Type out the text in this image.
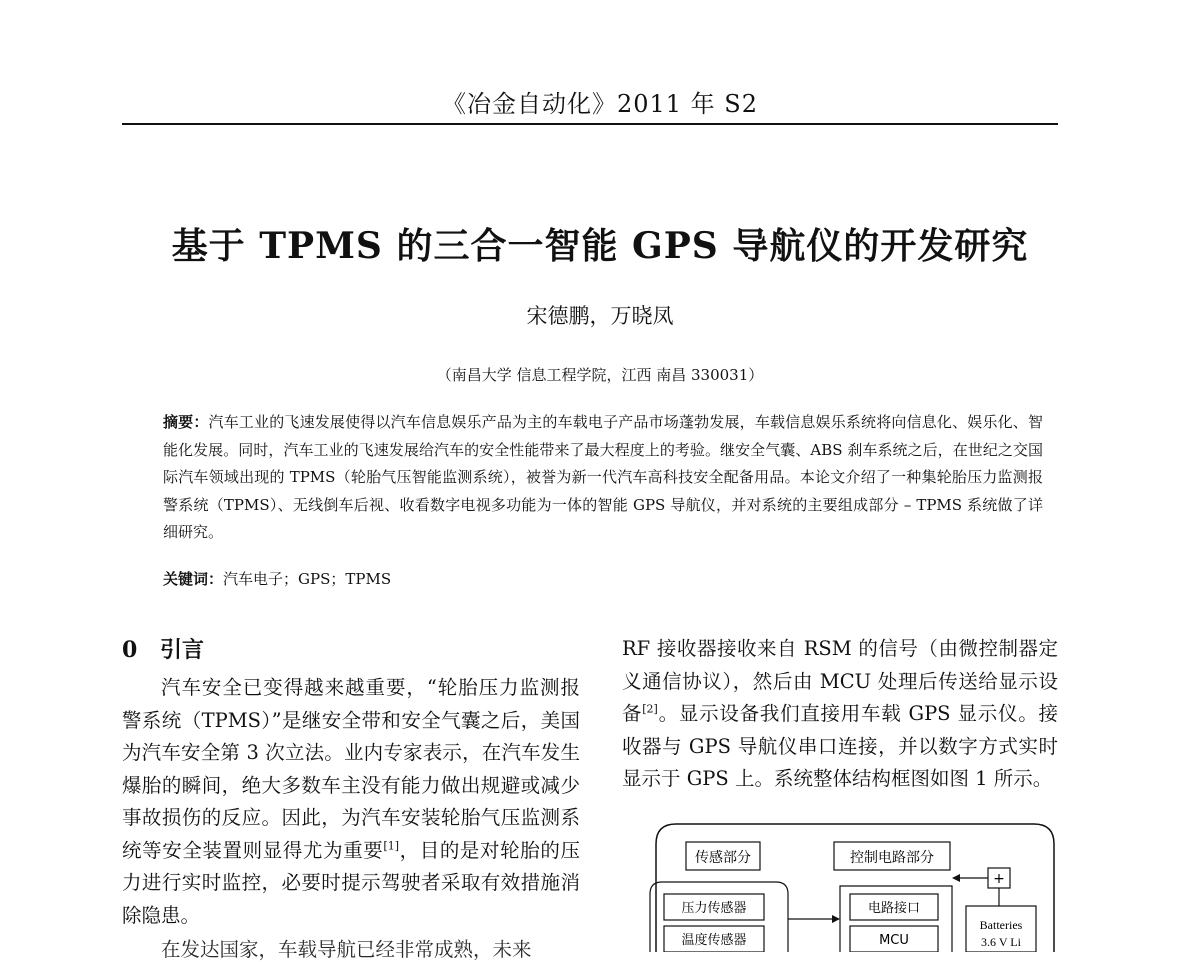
《冶金自动化》2011 年 S2
基于 TPMS 的三合一智能 GPS 导航仪的开发研究
宋德鹏，万晓凤
（南昌大学 信息工程学院，江西 南昌 330031）
摘要：汽车工业的飞速发展使得以汽车信息娱乐产品为主的车载电子产品市场蓬勃发展，车载信息娱乐系统将向信息化、娱乐化、智能化发展。同时，汽车工业的飞速发展给汽车的安全性能带来了最大程度上的考验。继安全气囊、ABS 刹车系统之后，在世纪之交国际汽车领域出现的 TPMS（轮胎气压智能监测系统），被誉为新一代汽车高科技安全配备用品。本论文介绍了一种集轮胎压力监测报警系统（TPMS）、无线倒车后视、收看数字电视多功能为一体的智能 GPS 导航仪，并对系统的主要组成部分 – TPMS 系统做了详细研究。
关键词：汽车电子；GPS；TPMS
0 引言

汽车安全已变得越来越重要，“轮胎压力监测报警系统（TPMS）”是继安全带和安全气囊之后，美国为汽车安全第 3 次立法。业内专家表示，在汽车发生爆胎的瞬间，绝大多数车主没有能力做出规避或减少事故损伤的反应。因此，为汽车安装轮胎气压监测系统等安全装置则显得尤为重要[1]，目的是对轮胎的压力进行实时监控，必要时提示驾驶者采取有效措施消除隐患。

在发达国家，车载导航已经非常成熟，未来

RF 接收器接收来自 RSM 的信号（由微控制器定义通信协议），然后由 MCU 处理后传送给显示设备[2]。显示设备我们直接用车载 GPS 显示仪。接收器与 GPS 导航仪串口连接，并以数字方式实时显示于 GPS 上。系统整体结构框图如图 1 所示。

传感部分	控制电路部分
压力传感器
温度传感器
电路接口
MCU
+
Batteries
3.6 V Li
